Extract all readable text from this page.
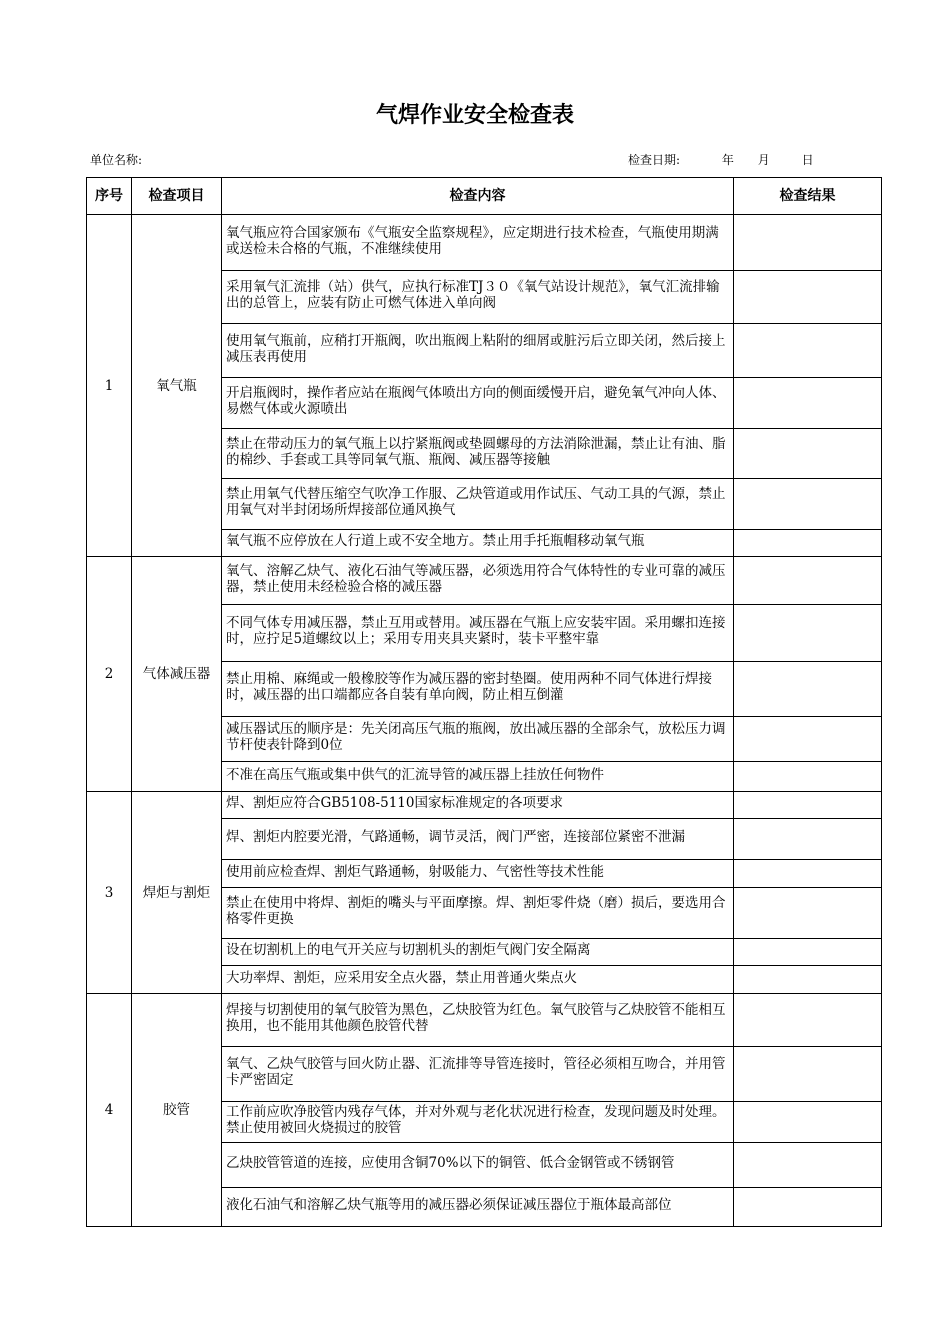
气焊作业安全检查表
单位名称:	检查日期:	年 月	日
序号	检查项目	检查内容	检查结果
1	氧气瓶	氧气瓶应符合国家颁布《气瓶安全监察规程》，应定期进行技术检查，气瓶使用期满或送检未合格的气瓶，不准继续使用	
		采用氧气汇流排（站）供气，应执行标准TJ３０《氧气站设计规范》，氧气汇流排输出的总管上，应装有防止可燃气体进入单向阀	
		使用氧气瓶前，应稍打开瓶阀，吹出瓶阀上粘附的细屑或脏污后立即关闭，然后接上减压表再使用	
		开启瓶阀时，操作者应站在瓶阀气体喷出方向的侧面缓慢开启，避免氧气冲向人体、易燃气体或火源喷出	
		禁止在带动压力的氧气瓶上以拧紧瓶阀或垫圆螺母的方法消除泄漏，禁止让有油、脂的棉纱、手套或工具等同氧气瓶、瓶阀、减压器等接触	
		禁止用氧气代替压缩空气吹净工作服、乙炔管道或用作试压、气动工具的气源，禁止用氧气对半封闭场所焊接部位通风换气	
		氧气瓶不应停放在人行道上或不安全地方。禁止用手托瓶帽移动氧气瓶	
2	气体减压器	氧气、溶解乙炔气、液化石油气等减压器，必须选用符合气体特性的专业可靠的减压器，禁止使用未经检验合格的减压器	
		不同气体专用减压器，禁止互用或替用。减压器在气瓶上应安装牢固。采用螺扣连接时，应拧足5道螺纹以上；采用专用夹具夹紧时，装卡平整牢靠	
		禁止用棉、麻绳或一般橡胶等作为减压器的密封垫圈。使用两种不同气体进行焊接时，减压器的出口端都应各自装有单向阀，防止相互倒灌	
		减压器试压的顺序是：先关闭高压气瓶的瓶阀，放出减压器的全部余气，放松压力调节杆使表针降到0位	
		不准在高压气瓶或集中供气的汇流导管的减压器上挂放任何物件	
3	焊炬与割炬	焊、割炬应符合GB5108-5110国家标准规定的各项要求	
		焊、割炬内腔要光滑，气路通畅，调节灵活，阀门严密，连接部位紧密不泄漏	
		使用前应检查焊、割炬气路通畅，射吸能力、气密性等技术性能	
		禁止在使用中将焊、割炬的嘴头与平面摩擦。焊、割炬零件烧（磨）损后，要选用合格零件更换	
		设在切割机上的电气开关应与切割机头的割炬气阀门安全隔离	
		大功率焊、割炬，应采用安全点火器，禁止用普通火柴点火	
4	胶管	焊接与切割使用的氧气胶管为黑色，乙炔胶管为红色。氧气胶管与乙炔胶管不能相互换用，也不能用其他颜色胶管代替	
		氧气、乙炔气胶管与回火防止器、汇流排等导管连接时，管径必须相互吻合，并用管卡严密固定	
		工作前应吹净胶管内残存气体，并对外观与老化状况进行检查，发现问题及时处理。禁止使用被回火烧损过的胶管	
		乙炔胶管管道的连接，应使用含铜70%以下的铜管、低合金钢管或不锈钢管	
		液化石油气和溶解乙炔气瓶等用的减压器必须保证减压器位于瓶体最高部位	
